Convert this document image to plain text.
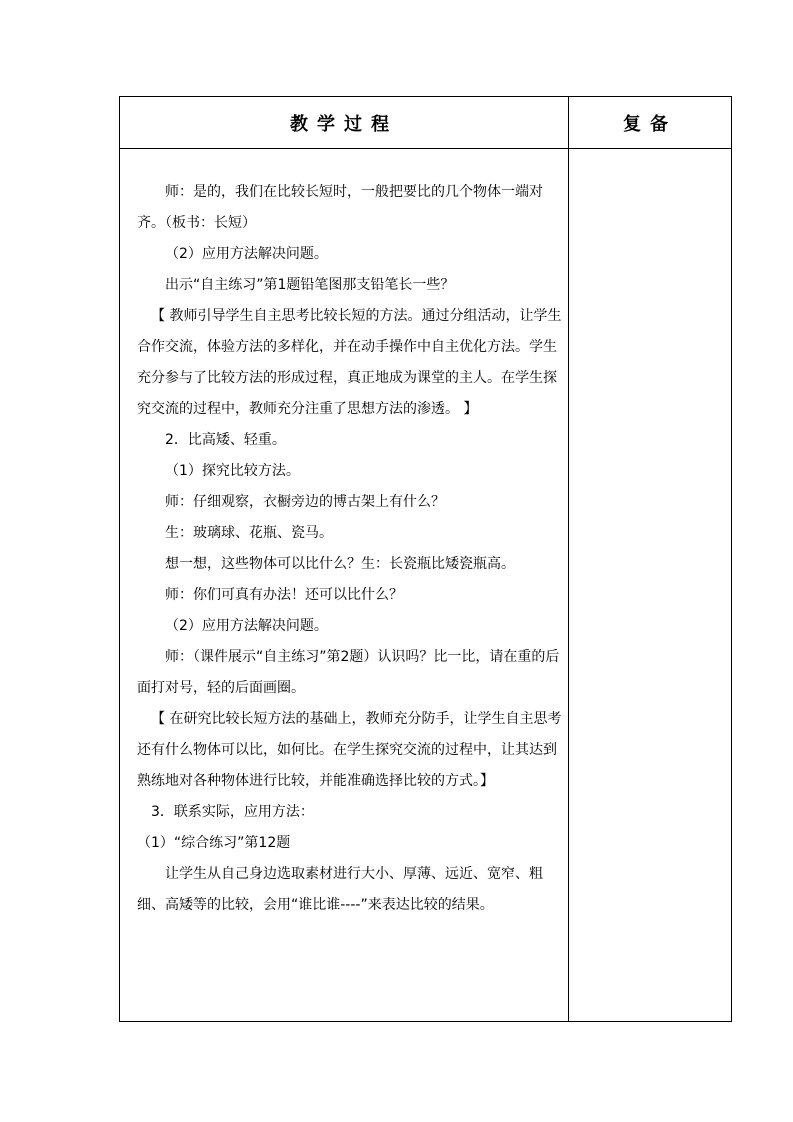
教学过程	复备

师：是的，我们在比较长短时，一般把要比的几个物体一端对齐。（板书：长短）

（2）应用方法解决问题。

出示“自主练习”第1题铅笔图那支铅笔长一些？

【 教师引导学生自主思考比较长短的方法。通过分组活动，让学生合作交流，体验方法的多样化，并在动手操作中自主优化方法。学生充分参与了比较方法的形成过程，真正地成为课堂的主人。在学生探究交流的过程中，教师充分注重了思想方法的渗透。 】

2．比高矮、轻重。

（1）探究比较方法。

师：仔细观察，衣橱旁边的博古架上有什么？

生：玻璃球、花瓶、瓷马。

想一想，这些物体可以比什么？生：长瓷瓶比矮瓷瓶高。

师：你们可真有办法！还可以比什么？

（2）应用方法解决问题。

师：（课件展示“自主练习”第2题）认识吗？比一比，请在重的后面打对号，轻的后面画圈。

【 在研究比较长短方法的基础上，教师充分防手，让学生自主思考还有什么物体可以比，如何比。在学生探究交流的过程中，让其达到熟练地对各种物体进行比较，并能准确选择比较的方式。】

3．联系实际，应用方法：

（1）“综合练习”第12题

让学生从自己身边选取素材进行大小、厚薄、远近、宽窄、粗细、高矮等的比较，会用“谁比谁----”来表达比较的结果。
